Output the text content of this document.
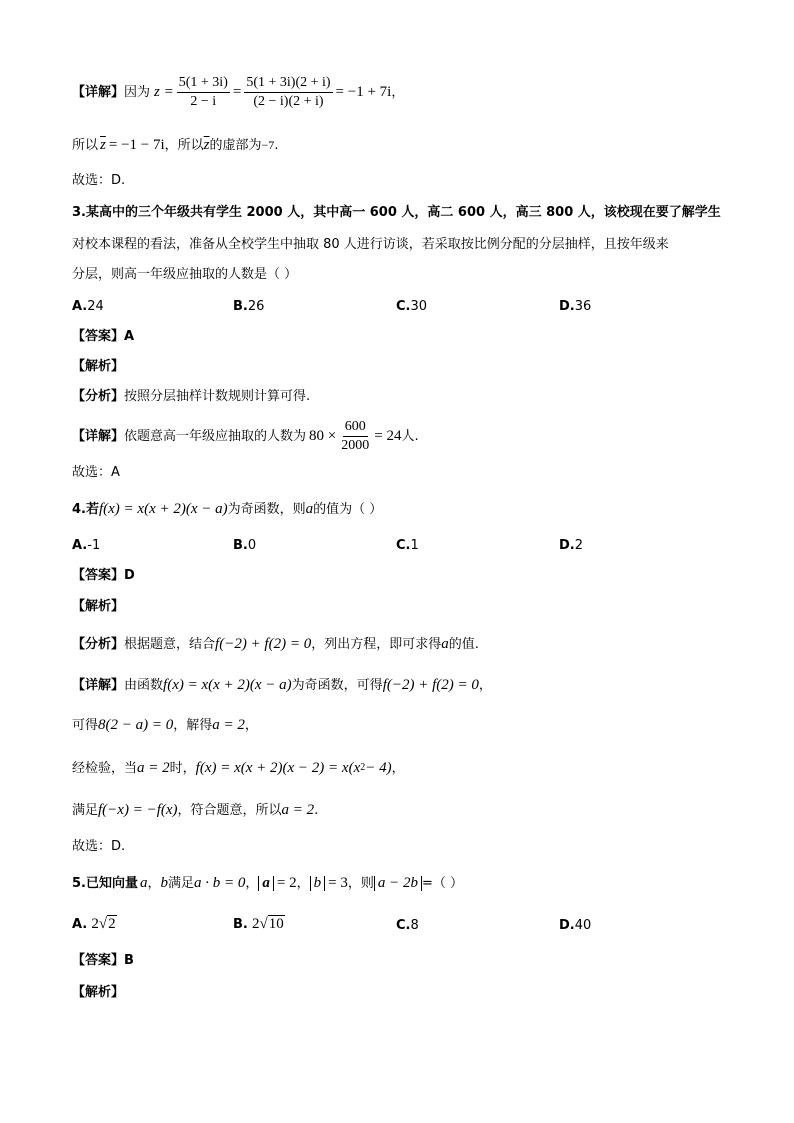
【详解】 因为 $z = \frac{5(1 + 3i)}{2 - i} = \frac{5(1 + 3i)(2 + i)}{(2 - i)(2 + i)} = -1 + 7i$ ，
所以 $\overline{z} = -1 - 7i$ ，所以 $\overline{z}$ 的虚部为 −7 .
故选：D.
3.某高中的三个年级共有学生 2000 人，其中高一 600 人，高二 600 人，高三 800 人，该校现在要了解学生
对校本课程的看法，准备从全校学生中抽取 80 人进行访谈，若采取按比例分配的分层抽样，且按年级来
分层，则高一年级应抽取的人数是（ ）
A.24	B.26	C.30	D.36
【答案】 A
【解析】
【分析】 按照分层抽样计数规则计算可得.
【详解】 依题意高一年级应抽取的人数为 $80 \times \frac{600}{2000} = 24$ 人.
故选：A
4.若 f(x) = x(x + 2)(x − a) 为奇函数，则 a 的值为（ ）
A.-1	B.0	C.1	D.2
【答案】 D
【解析】
【分析】 根据题意，结合 f(−2) + f(2) = 0 ，列出方程，即可求得 a 的值.
【详解】 由函数 f(x) = x(x + 2)(x − a) 为奇函数，可得 f(−2) + f(2) = 0 ，
可得 8(2 − a) = 0 ，解得 a = 2 ，
经检验，当 a = 2 时， f(x) = x(x + 2)(x − 2) = x(x 2 − 4) ，
满足 f(−x) = −f(x) ，符合题意，所以 a = 2 .
故选：D.
5.已知向量 a ， b 满足 a · b = 0 ， a = 2 ， b = 3 ，则 a − 2b =（ ）
A. 2√2	B. 2√10	C.8	D.40
【答案】 B
【解析】
